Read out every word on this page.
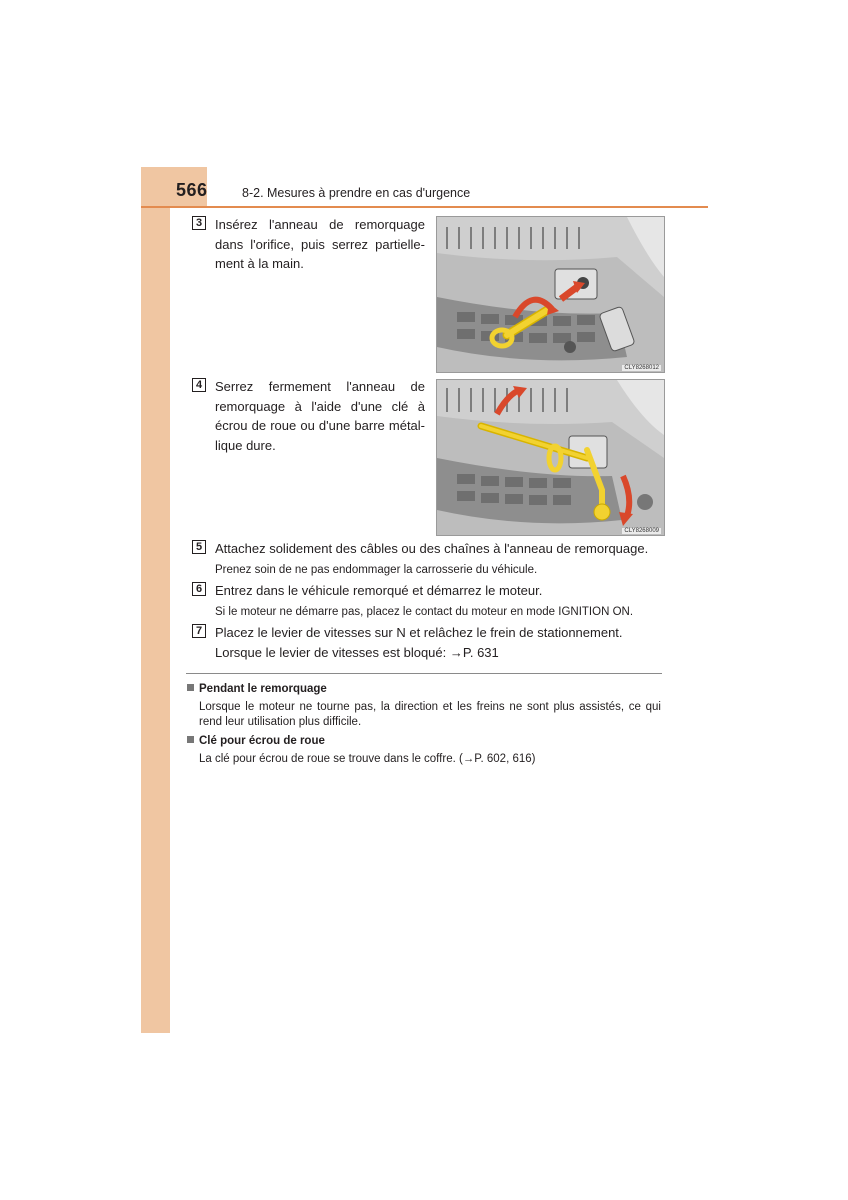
566	8-2. Mesures à prendre en cas d'urgence
3 Insérez l'anneau de remorquage
dans l'orifice, puis serrez partielle-
ment à la main.
CLY8268012
4 Serrez fermement l'anneau de
remorquage à l'aide d'une clé à
écrou de roue ou d'une barre métal-
lique dure.
CLY8268009
5 Attachez solidement des câbles ou des chaînes à l'anneau de remorquage.
Prenez soin de ne pas endommager la carrosserie du véhicule.
6 Entrez dans le véhicule remorqué et démarrez le moteur.
Si le moteur ne démarre pas, placez le contact du moteur en mode IGNITION ON.
7 Placez le levier de vitesses sur N et relâchez le frein de stationnement.
Lorsque le levier de vitesses est bloqué: →P. 631
Pendant le remorquage
Lorsque le moteur ne tourne pas, la direction et les freins ne sont plus assistés, ce qui
rend leur utilisation plus difficile.
Clé pour écrou de roue
La clé pour écrou de roue se trouve dans le coffre. (→P. 602, 616)
